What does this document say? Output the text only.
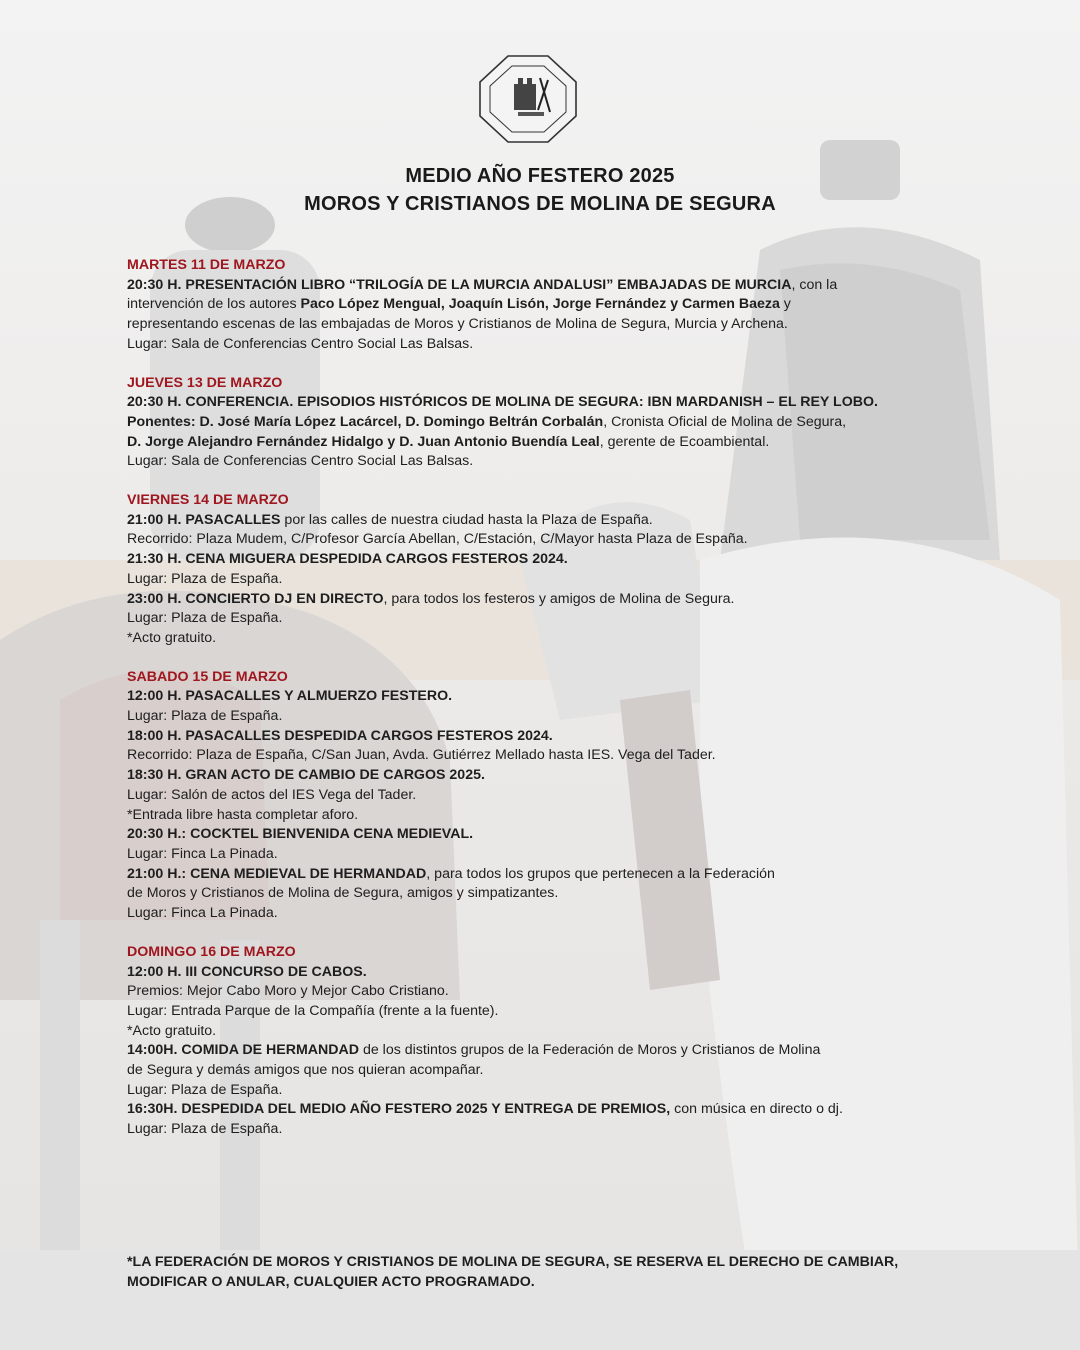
MEDIO AÑO FESTERO 2025
MOROS Y CRISTIANOS DE MOLINA DE SEGURA
MARTES 11 DE MARZO
20:30 H. PRESENTACIÓN LIBRO “TRILOGÍA DE LA MURCIA ANDALUSI” EMBAJADAS DE MURCIA, con la
intervención de los autores Paco López Mengual, Joaquín Lisón, Jorge Fernández y Carmen Baeza y
representando escenas de las embajadas de Moros y Cristianos de Molina de Segura, Murcia y Archena.
Lugar: Sala de Conferencias Centro Social Las Balsas.
JUEVES 13 DE MARZO
20:30 H. CONFERENCIA. EPISODIOS HISTÓRICOS DE MOLINA DE SEGURA: IBN MARDANISH – EL REY LOBO.
Ponentes: D. José María López Lacárcel, D. Domingo Beltrán Corbalán, Cronista Oficial de Molina de Segura,
D. Jorge Alejandro Fernández Hidalgo y D. Juan Antonio Buendía Leal, gerente de Ecoambiental.
Lugar: Sala de Conferencias Centro Social Las Balsas.
VIERNES 14 DE MARZO
21:00 H. PASACALLES por las calles de nuestra ciudad hasta la Plaza de España.
Recorrido: Plaza Mudem, C/Profesor García Abellan, C/Estación, C/Mayor hasta Plaza de España.
21:30 H. CENA MIGUERA DESPEDIDA CARGOS FESTEROS 2024.
Lugar: Plaza de España.
23:00 H. CONCIERTO DJ EN DIRECTO, para todos los festeros y amigos de Molina de Segura.
Lugar: Plaza de España.
*Acto gratuito.
SABADO 15 DE MARZO
12:00 H. PASACALLES Y ALMUERZO FESTERO.
Lugar: Plaza de España.
18:00 H. PASACALLES DESPEDIDA CARGOS FESTEROS 2024.
Recorrido: Plaza de España, C/San Juan, Avda. Gutiérrez Mellado hasta IES. Vega del Tader.
18:30 H. GRAN ACTO DE CAMBIO DE CARGOS 2025.
Lugar: Salón de actos del IES Vega del Tader.
*Entrada libre hasta completar aforo.
20:30 H.: COCKTEL BIENVENIDA CENA MEDIEVAL.
Lugar: Finca La Pinada.
21:00 H.: CENA MEDIEVAL DE HERMANDAD, para todos los grupos que pertenecen a la Federación
de Moros y Cristianos de Molina de Segura, amigos y simpatizantes.
Lugar: Finca La Pinada.
DOMINGO 16 DE MARZO
12:00 H. III CONCURSO DE CABOS.
Premios: Mejor Cabo Moro y Mejor Cabo Cristiano.
Lugar: Entrada Parque de la Compañía (frente a la fuente).
*Acto gratuito.
14:00H. COMIDA DE HERMANDAD de los distintos grupos de la Federación de Moros y Cristianos de Molina
de Segura y demás amigos que nos quieran acompañar.
Lugar: Plaza de España.
16:30H. DESPEDIDA DEL MEDIO AÑO FESTERO 2025 Y ENTREGA DE PREMIOS, con música en directo o dj.
Lugar: Plaza de España.
*LA FEDERACIÓN DE MOROS Y CRISTIANOS DE MOLINA DE SEGURA, SE RESERVA EL DERECHO DE CAMBIAR,
MODIFICAR O ANULAR, CUALQUIER ACTO PROGRAMADO.
